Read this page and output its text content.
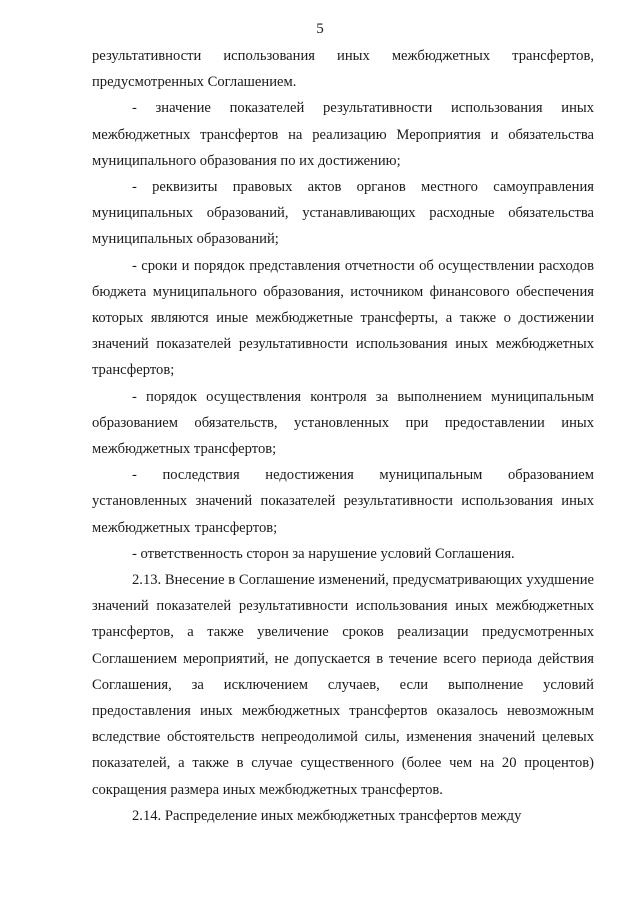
5

результативности использования иных межбюджетных трансфертов, предусмотренных Соглашением.

- значение показателей результативности использования иных межбюджетных трансфертов на реализацию Мероприятия и обязательства муниципального образования по их достижению;

- реквизиты правовых актов органов местного самоуправления муниципальных образований, устанавливающих расходные обязательства муниципальных образований;

- сроки и порядок представления отчетности об осуществлении расходов бюджета муниципального образования, источником финансового обеспечения которых являются иные межбюджетные трансферты, а также о достижении значений показателей результативности использования иных межбюджетных трансфертов;

- порядок осуществления контроля за выполнением муниципальным образованием обязательств, установленных при предоставлении иных межбюджетных трансфертов;

- последствия недостижения муниципальным образованием установленных значений показателей результативности использования иных межбюджетных трансфертов;

- ответственность сторон за нарушение условий Соглашения.

2.13. Внесение в Соглашение изменений, предусматривающих ухудшение значений показателей результативности использования иных межбюджетных трансфертов, а также увеличение сроков реализации предусмотренных Соглашением мероприятий, не допускается в течение всего периода действия Соглашения, за исключением случаев, если выполнение условий предоставления иных межбюджетных трансфертов оказалось невозможным вследствие обстоятельств непреодолимой силы, изменения значений целевых показателей, а также в случае существенного (более чем на 20 процентов) сокращения размера иных межбюджетных трансфертов.

2.14. Распределение иных межбюджетных трансфертов между
